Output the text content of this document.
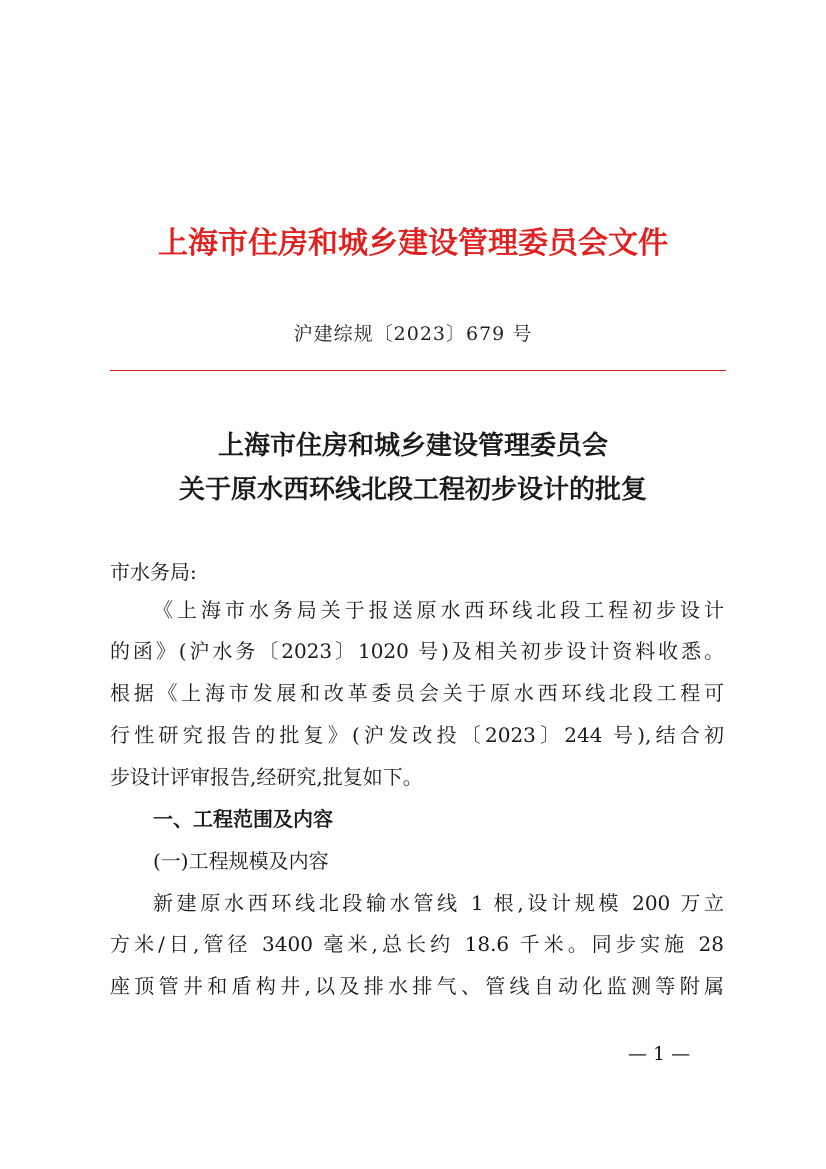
上海市住房和城乡建设管理委员会文件
沪建综规〔2023〕679 号
上海市住房和城乡建设管理委员会
关于原水西环线北段工程初步设计的批复
市水务局:
《上海市水务局关于报送原水西环线北段工程初步设计
的函》(沪水务〔2023〕1020 号)及相关初步设计资料收悉。
根据《上海市发展和改革委员会关于原水西环线北段工程可
行性研究报告的批复》(沪发改投〔2023〕244 号),结合初
步设计评审报告,经研究,批复如下。
一、工程范围及内容
(一)工程规模及内容
新建原水西环线北段输水管线 1 根,设计规模 200 万立
方米/日,管径 3400 毫米,总长约 18.6 千米。同步实施 28
座顶管井和盾构井,以及排水排气、管线自动化监测等附属
— 1 —
